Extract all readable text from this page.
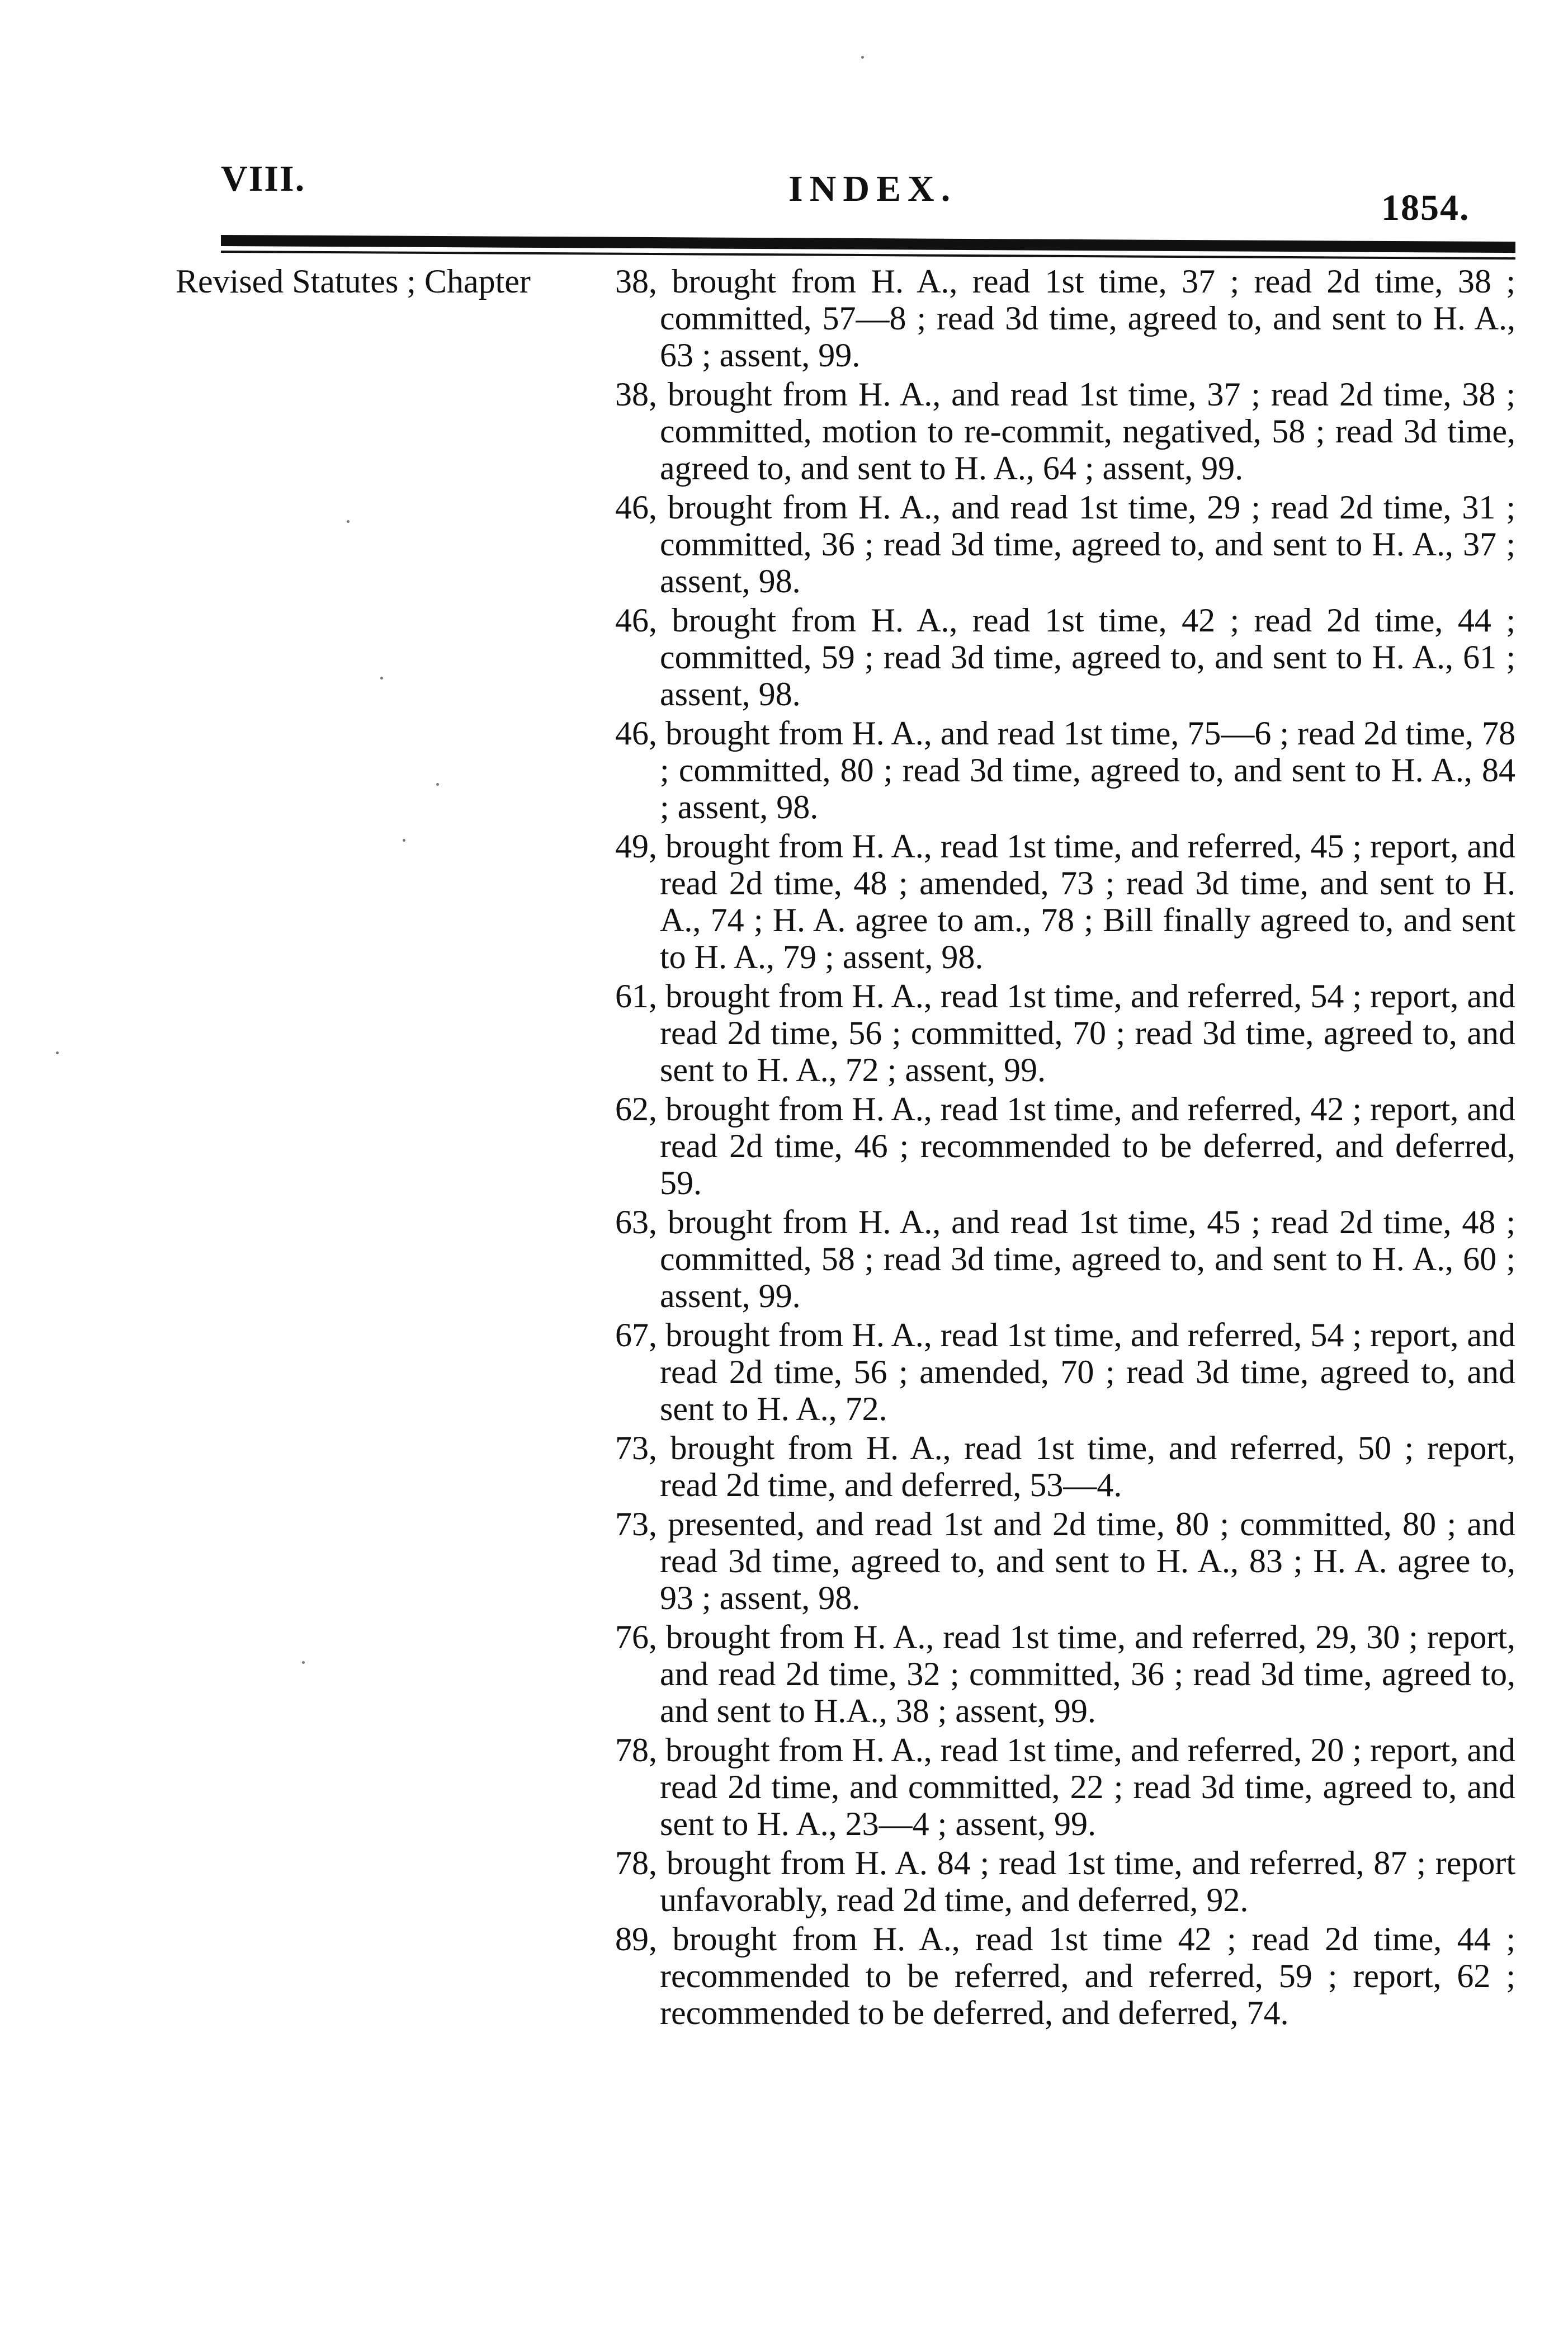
VIII.	INDEX.	1854.
Revised Statutes ; Chapter	38, brought from H. A., read 1st time, 37 ; read 2d time, 38 ; committed, 57—8 ; read 3d time, agreed to, and sent to H. A., 63 ; assent, 99.

38, brought from H. A., and read 1st time, 37 ; read 2d time, 38 ; committed, motion to re-commit, negatived, 58 ; read 3d time, agreed to, and sent to H. A., 64 ; assent, 99.

46, brought from H. A., and read 1st time, 29 ; read 2d time, 31 ; committed, 36 ; read 3d time, agreed to, and sent to H. A., 37 ; assent, 98.

46, brought from H. A., read 1st time, 42 ; read 2d time, 44 ; committed, 59 ; read 3d time, agreed to, and sent to H. A., 61 ; assent, 98.

46, brought from H. A., and read 1st time, 75—6 ; read 2d time, 78 ; committed, 80 ; read 3d time, agreed to, and sent to H. A., 84 ; assent, 98.

49, brought from H. A., read 1st time, and referred, 45 ; report, and read 2d time, 48 ; amended, 73 ; read 3d time, and sent to H. A., 74 ; H. A. agree to am., 78 ; Bill finally agreed to, and sent to H. A., 79 ; assent, 98.

61, brought from H. A., read 1st time, and referred, 54 ; report, and read 2d time, 56 ; committed, 70 ; read 3d time, agreed to, and sent to H. A., 72 ; assent, 99.

62, brought from H. A., read 1st time, and referred, 42 ; report, and read 2d time, 46 ; recommended to be deferred, and deferred, 59.

63, brought from H. A., and read 1st time, 45 ; read 2d time, 48 ; committed, 58 ; read 3d time, agreed to, and sent to H. A., 60 ; assent, 99.

67, brought from H. A., read 1st time, and referred, 54 ; report, and read 2d time, 56 ; amended, 70 ; read 3d time, agreed to, and sent to H. A., 72.

73, brought from H. A., read 1st time, and referred, 50 ; report, read 2d time, and deferred, 53—4.

73, presented, and read 1st and 2d time, 80 ; committed, 80 ; and read 3d time, agreed to, and sent to H. A., 83 ; H. A. agree to, 93 ; assent, 98.

76, brought from H. A., read 1st time, and referred, 29, 30 ; report, and read 2d time, 32 ; committed, 36 ; read 3d time, agreed to, and sent to H.A., 38 ; assent, 99.

78, brought from H. A., read 1st time, and referred, 20 ; report, and read 2d time, and committed, 22 ; read 3d time, agreed to, and sent to H. A., 23—4 ; assent, 99.

78, brought from H. A. 84 ; read 1st time, and referred, 87 ; report unfavorably, read 2d time, and deferred, 92.

89, brought from H. A., read 1st time 42 ; read 2d time, 44 ; recommended to be referred, and referred, 59 ; report, 62 ; recommended to be deferred, and deferred, 74.
